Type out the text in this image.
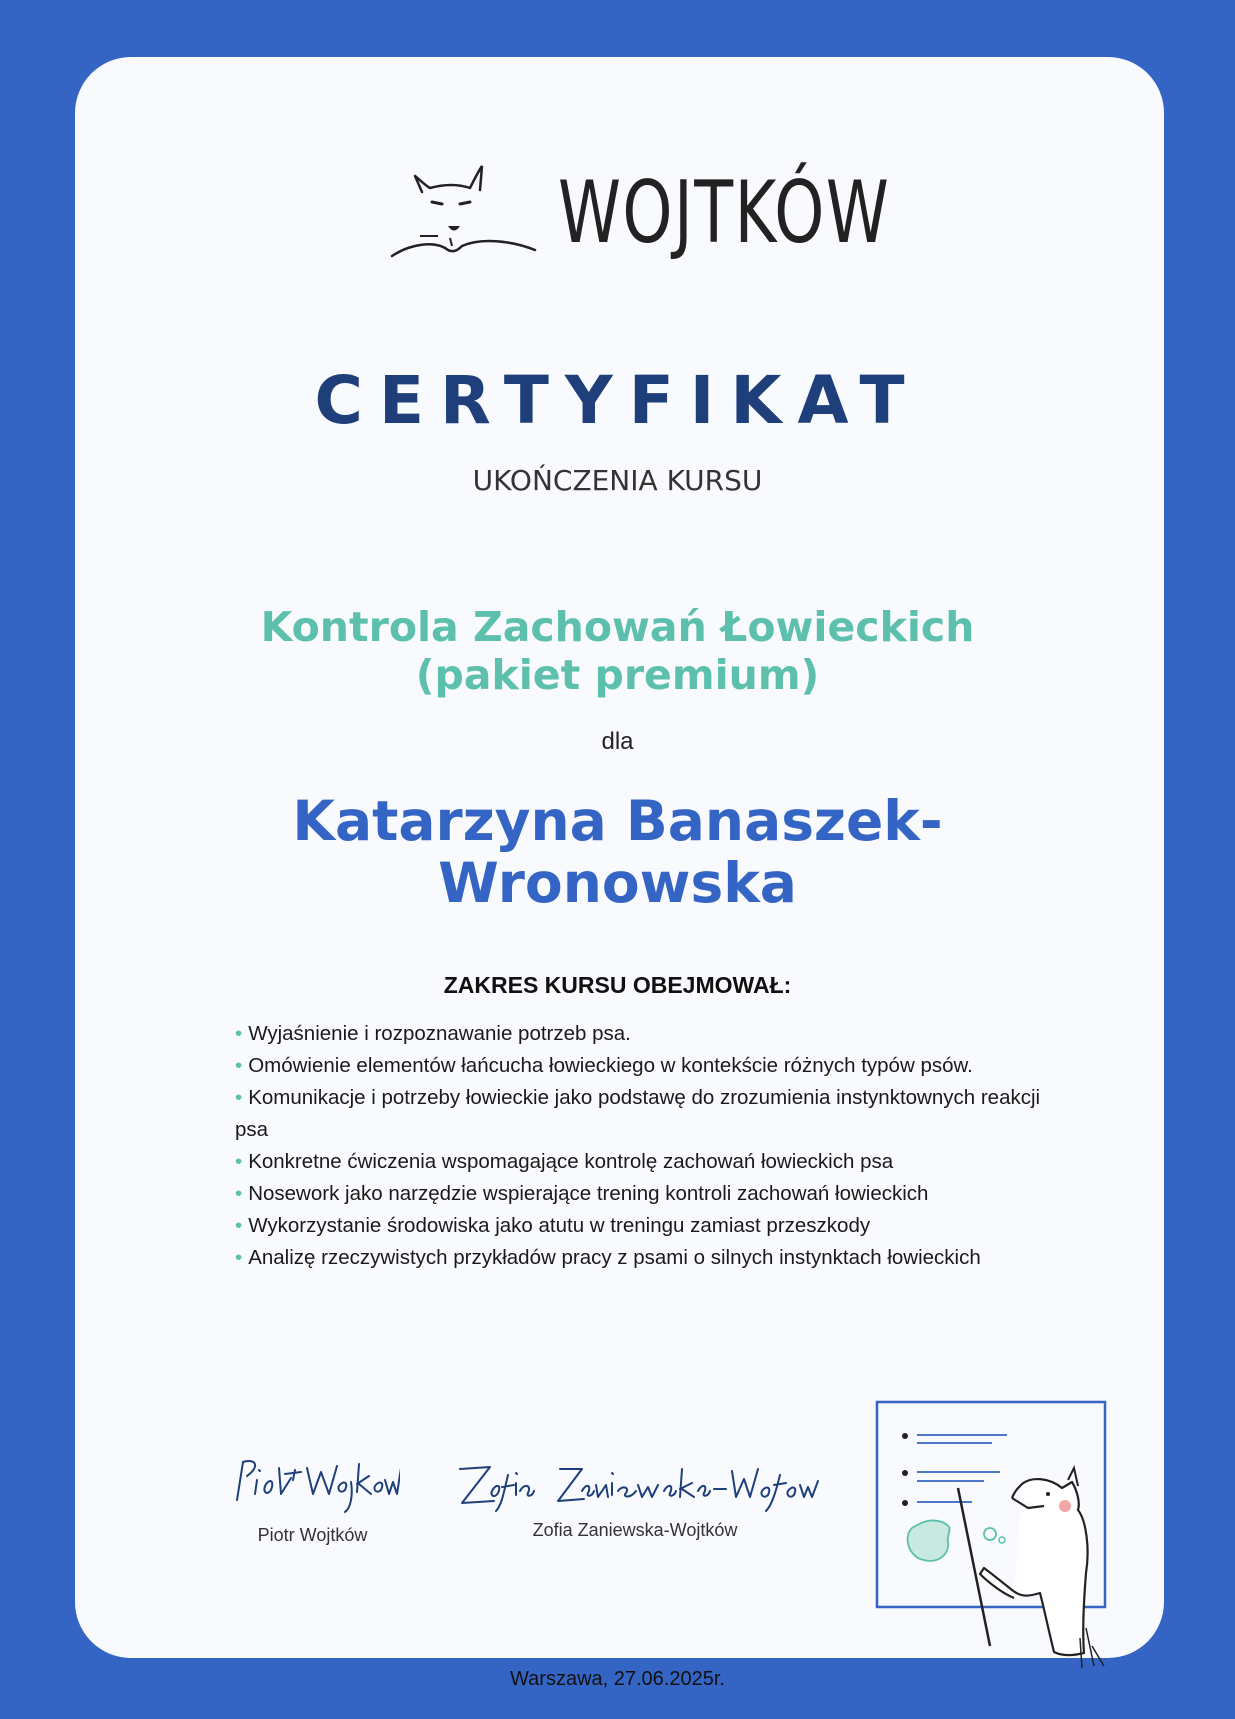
WOJTKÓW
CERTYFIKAT
UKOŃCZENIA KURSU
Kontrola Zachowań Łowieckich (pakiet premium)
dla
Katarzyna Banaszek-Wronowska
ZAKRES KURSU OBEJMOWAŁ:
• Wyjaśnienie i rozpoznawanie potrzeb psa.
• Omówienie elementów łańcucha łowieckiego w kontekście różnych typów psów.
• Komunikacje i potrzeby łowieckie jako podstawę do zrozumienia instynktownych reakcji psa
• Konkretne ćwiczenia wspomagające kontrolę zachowań łowieckich psa
• Nosework jako narzędzie wspierające trening kontroli zachowań łowieckich
• Wykorzystanie środowiska jako atutu w treningu zamiast przeszkody
• Analizę rzeczywistych przykładów pracy z psami o silnych instynktach łowieckich
Piotr Wojtków	Zofia Zaniewska-Wojtków
Warszawa, 27.06.2025r.
